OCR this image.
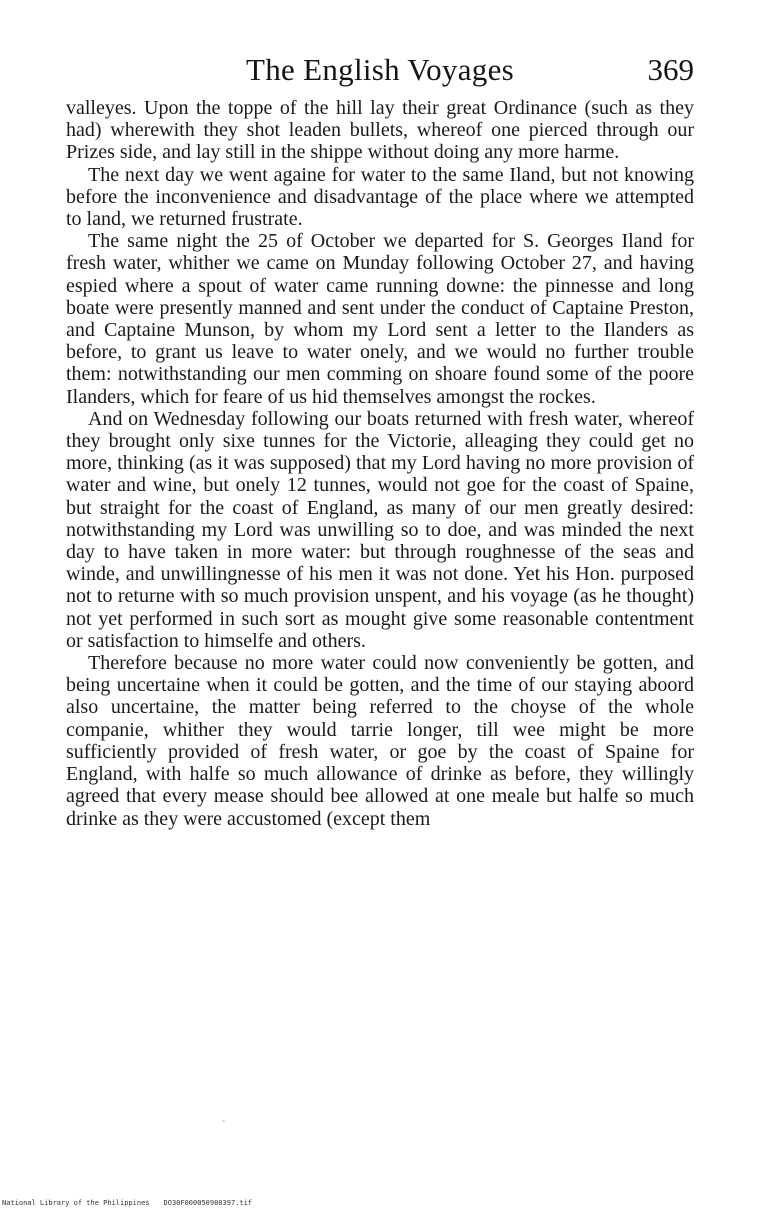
The English Voyages	369

valleyes. Upon the toppe of the hill lay their great Ordinance (such as they had) wherewith they shot leaden bullets, whereof one pierced through our Prizes side, and lay still in the shippe without doing any more harme.

The next day we went againe for water to the same Iland, but not knowing before the inconvenience and disadvantage of the place where we attempted to land, we returned frustrate.

The same night the 25 of October we departed for S. Georges Iland for fresh water, whither we came on Munday following October 27, and having espied where a spout of water came running downe: the pinnesse and long boate were presently manned and sent under the conduct of Captaine Preston, and Captaine Munson, by whom my Lord sent a letter to the Ilanders as before, to grant us leave to water onely, and we would no further trouble them: notwithstanding our men comming on shoare found some of the poore Ilanders, which for feare of us hid themselves amongst the rockes.

And on Wednesday following our boats returned with fresh water, whereof they brought only sixe tunnes for the Victorie, alleaging they could get no more, thinking (as it was supposed) that my Lord having no more provision of water and wine, but onely 12 tunnes, would not goe for the coast of Spaine, but straight for the coast of England, as many of our men greatly desired: notwithstanding my Lord was unwilling so to doe, and was minded the next day to have taken in more water: but through roughnesse of the seas and winde, and unwillingnesse of his men it was not done. Yet his Hon. purposed not to returne with so much provision unspent, and his voyage (as he thought) not yet performed in such sort as mought give some reasonable contentment or satisfaction to himselfe and others.

Therefore because no more water could now conveniently be gotten, and being uncertaine when it could be gotten, and the time of our staying aboord also uncertaine, the matter being referred to the choyse of the whole companie, whither they would tarrie longer, till wee might be more sufficiently provided of fresh water, or goe by the coast of Spaine for England, with halfe so much allowance of drinke as before, they willingly agreed that every mease should bee allowed at one meale but halfe so much drinke as they were accustomed (except them

National Library of the Philippines DO30F000050980397.tif
